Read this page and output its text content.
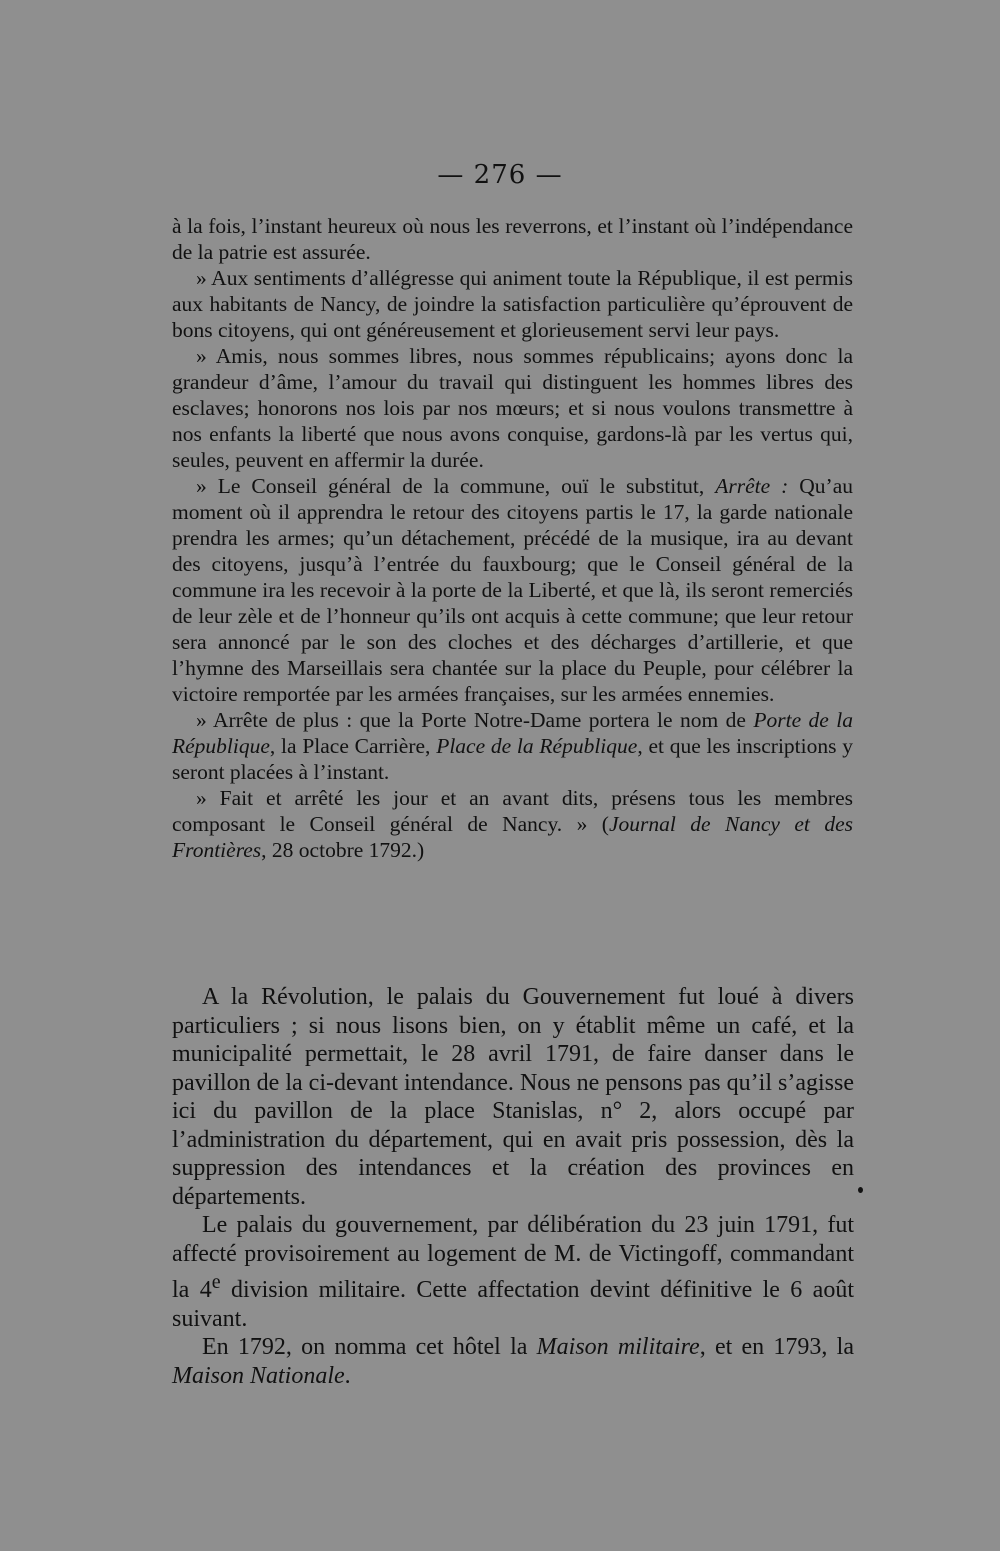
— 276 —

à la fois, l’instant heureux où nous les reverrons, et l’instant où l’indépendance de la patrie est assurée.

» Aux sentiments d’allégresse qui animent toute la République, il est permis aux habitants de Nancy, de joindre la satisfaction particulière qu’éprouvent de bons citoyens, qui ont généreusement et glorieusement servi leur pays.

» Amis, nous sommes libres, nous sommes républicains; ayons donc la grandeur d’âme, l’amour du travail qui distinguent les hommes libres des esclaves; honorons nos lois par nos mœurs; et si nous voulons transmettre à nos enfants la liberté que nous avons conquise, gardons-là par les vertus qui, seules, peuvent en affermir la durée.

» Le Conseil général de la commune, ouï le substitut, Arrête : Qu’au moment où il apprendra le retour des citoyens partis le 17, la garde nationale prendra les armes; qu’un détachement, précédé de la musique, ira au devant des citoyens, jusqu’à l’entrée du fauxbourg; que le Conseil général de la commune ira les recevoir à la porte de la Liberté, et que là, ils seront remerciés de leur zèle et de l’honneur qu’ils ont acquis à cette commune; que leur retour sera annoncé par le son des cloches et des décharges d’artillerie, et que l’hymne des Marseillais sera chantée sur la place du Peuple, pour célébrer la victoire remportée par les armées françaises, sur les armées ennemies.

» Arrête de plus : que la Porte Notre-Dame portera le nom de Porte de la République, la Place Carrière, Place de la République, et que les inscriptions y seront placées à l’instant.

» Fait et arrêté les jour et an avant dits, présens tous les membres composant le Conseil général de Nancy. » (Journal de Nancy et des Frontières, 28 octobre 1792.)

A la Révolution, le palais du Gouvernement fut loué à divers particuliers ; si nous lisons bien, on y établit même un café, et la municipalité permettait, le 28 avril 1791, de faire danser dans le pavillon de la ci-devant intendance. Nous ne pensons pas qu’il s’agisse ici du pavillon de la place Stanislas, n° 2, alors occupé par l’administration du département, qui en avait pris possession, dès la suppression des intendances et la création des provinces en départements.

Le palais du gouvernement, par délibération du 23 juin 1791, fut affecté provisoirement au logement de M. de Victingoff, commandant la 4e division militaire. Cette affectation devint définitive le 6 août suivant.

En 1792, on nomma cet hôtel la Maison militaire, et en 1793, la Maison Nationale.
